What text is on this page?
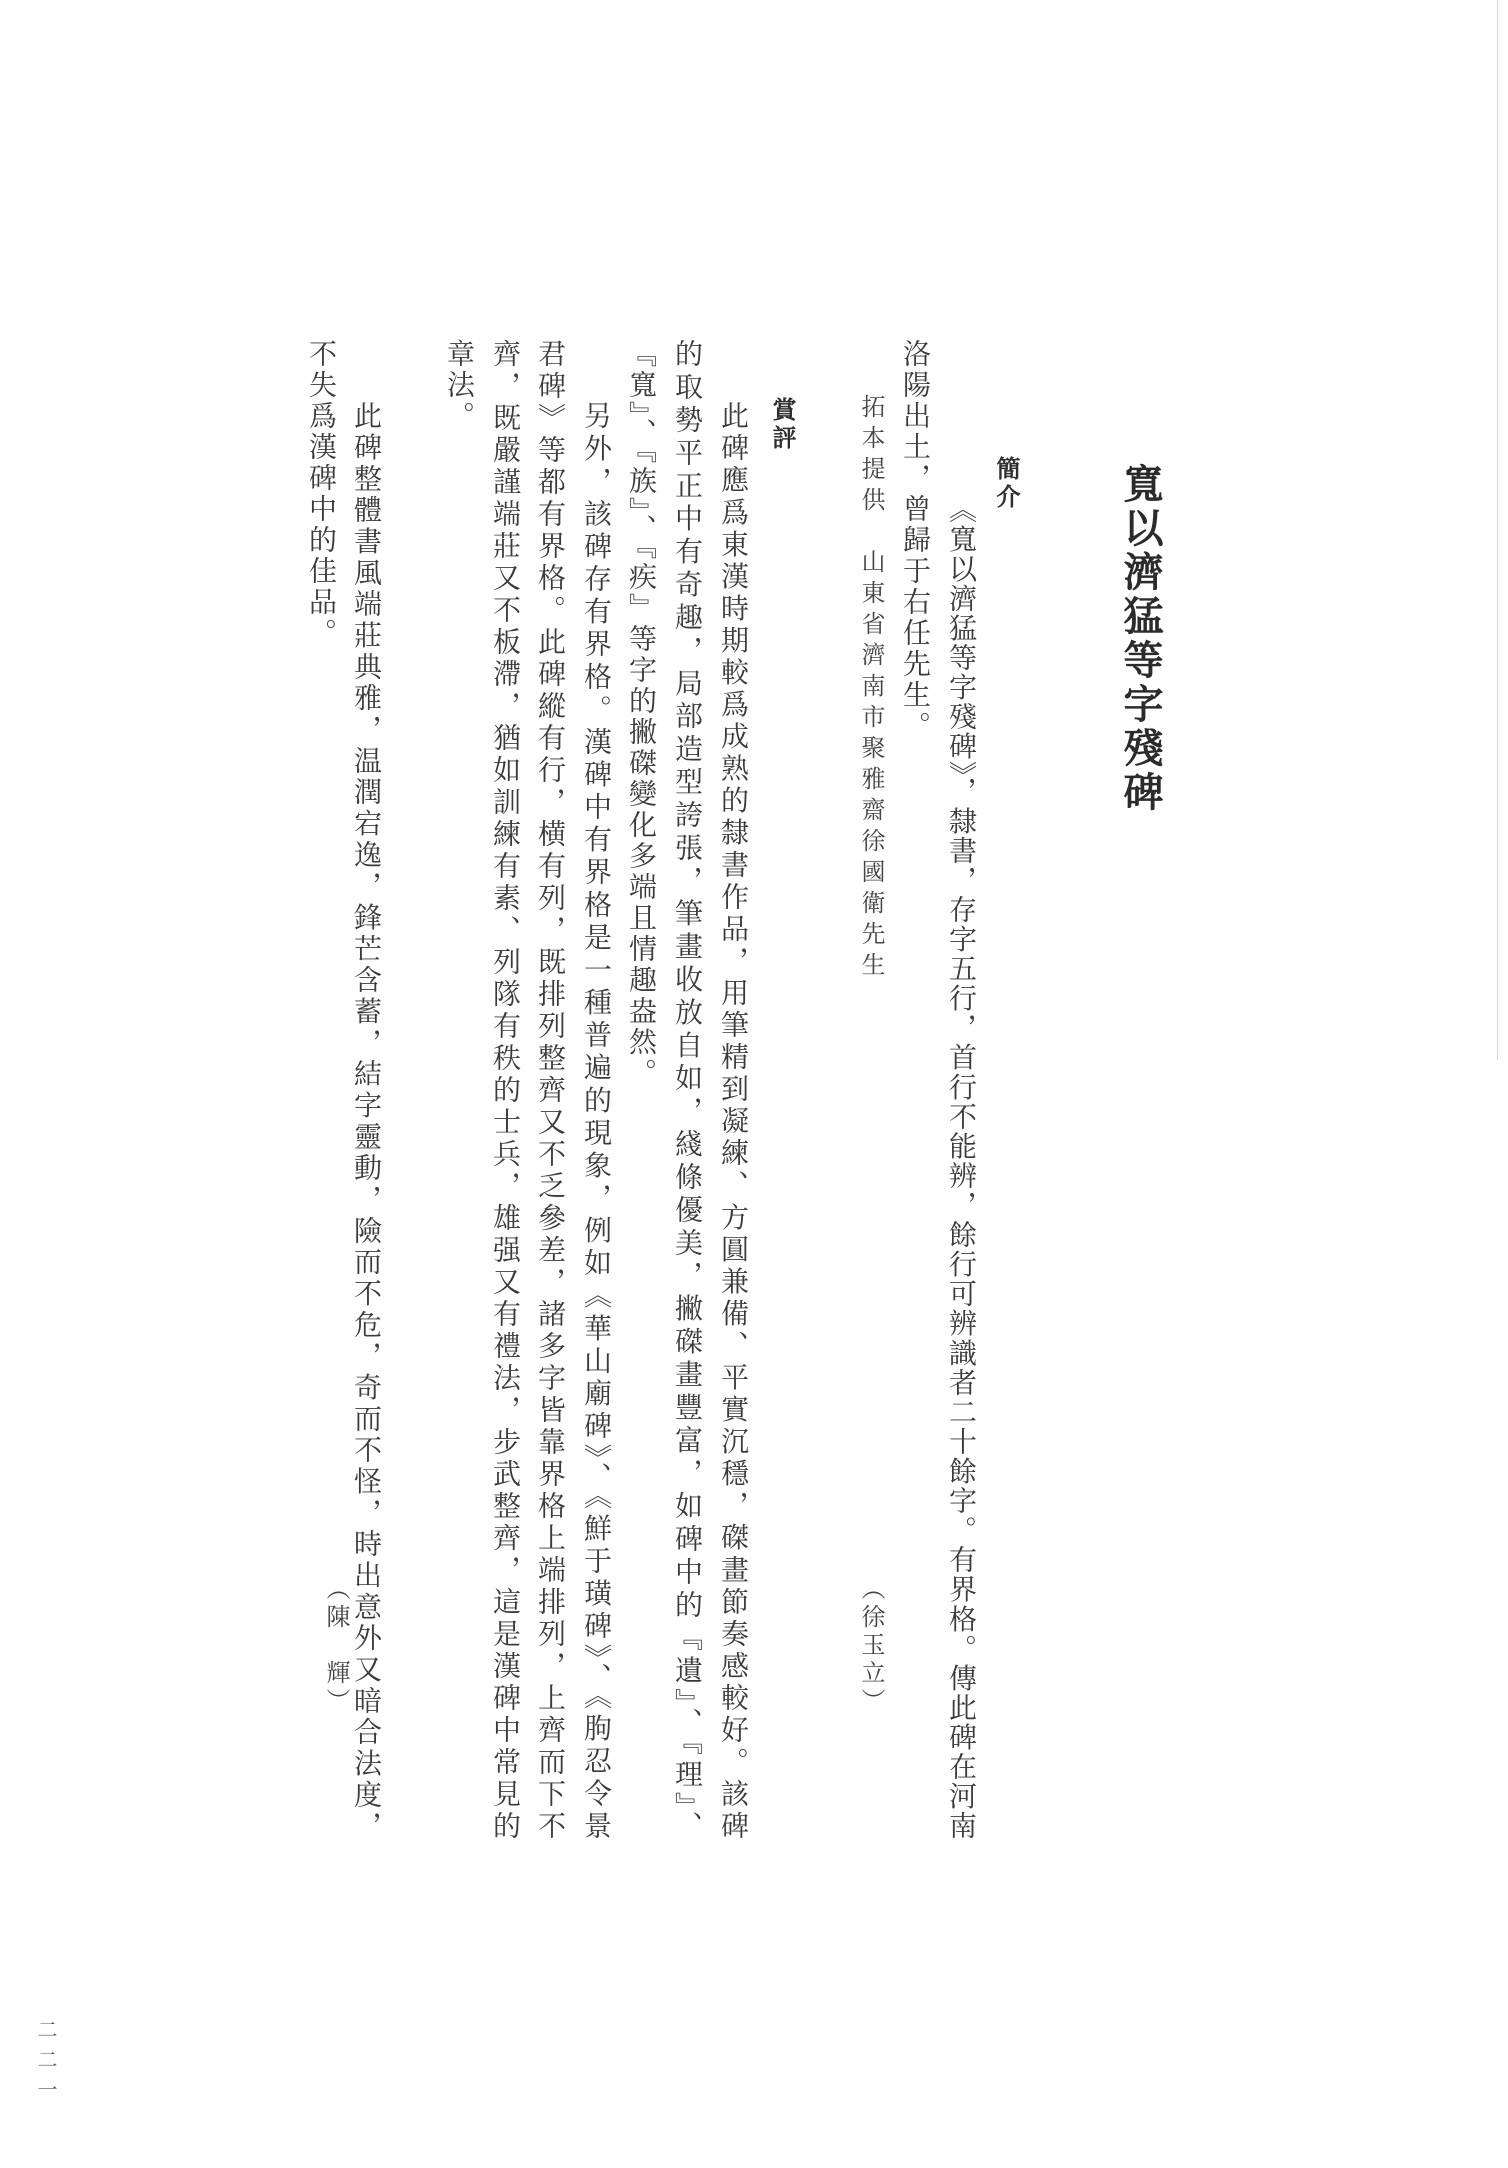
寬以濟猛等字殘碑
簡介

《寬以濟猛等字殘碑》，隸書，存字五行，首行不能辨，餘行可辨識者二十餘字。有界格。傳此碑在河南

洛陽出土，曾歸于右任先生。

拓本提供　山東省濟南市聚雅齋徐國衛先生

（徐玉立）

賞評

此碑應爲東漢時期較爲成熟的隸書作品，用筆精到凝練、方圓兼備、平實沉穩，磔畫節奏感較好。該碑

的取勢平正中有奇趣，局部造型誇張，筆畫收放自如，綫條優美，撇磔畫豐富，如碑中的『遺』、『理』、

『寬』、『族』、『疾』等字的撇磔變化多端且情趣盎然。

另外，該碑存有界格。漢碑中有界格是一種普遍的現象，例如《華山廟碑》、《鮮于璜碑》、《朐忍令景

君碑》等都有界格。此碑縱有行，横有列，既排列整齊又不乏參差，諸多字皆靠界格上端排列，上齊而下不

齊，既嚴謹端莊又不板滯，猶如訓練有素、列隊有秩的士兵，雄强又有禮法，步武整齊，這是漢碑中常見的

章法。

此碑整體書風端莊典雅，温潤宕逸，鋒芒含蓄，結字靈動，險而不危，奇而不怪，時出意外又暗合法度，

不失爲漢碑中的佳品。

（陳　輝）

二二一
